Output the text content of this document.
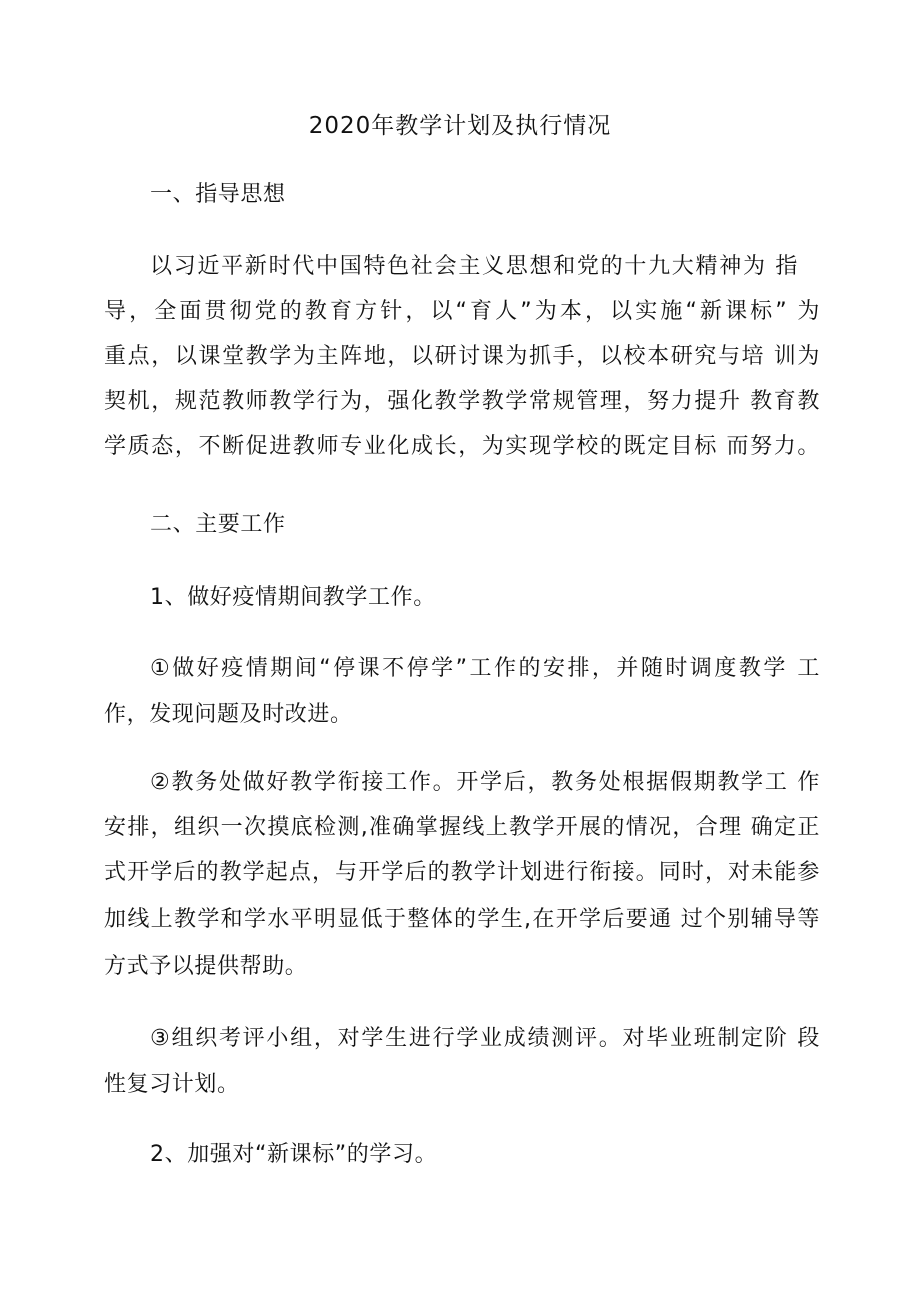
2020年教学计划及执行情况
一、指导思想
以习近平新时代中国特色社会主义思想和党的十九大精神为 指
导，全面贯彻党的教育方针，以“育人”为本，以实施“新课标” 为
重点，以课堂教学为主阵地，以研讨课为抓手，以校本研究与培 训为
契机，规范教师教学行为，强化教学教学常规管理，努力提升 教育教
学质态，不断促进教师专业化成长，为实现学校的既定目标 而努力。
二、主要工作
1、做好疫情期间教学工作。
①做好疫情期间“停课不停学”工作的安排，并随时调度教学 工
作，发现问题及时改进。
②教务处做好教学衔接工作。开学后，教务处根据假期教学工 作
安排，组织一次摸底检测,准确掌握线上教学开展的情况，合理 确定正
式开学后的教学起点，与开学后的教学计划进行衔接。同时，对未能参
加线上教学和学水平明显低于整体的学生,在开学后要通 过个别辅导等
方式予以提供帮助。
③组织考评小组，对学生进行学业成绩测评。对毕业班制定阶 段
性复习计划。
2、加强对“新课标”的学习。
